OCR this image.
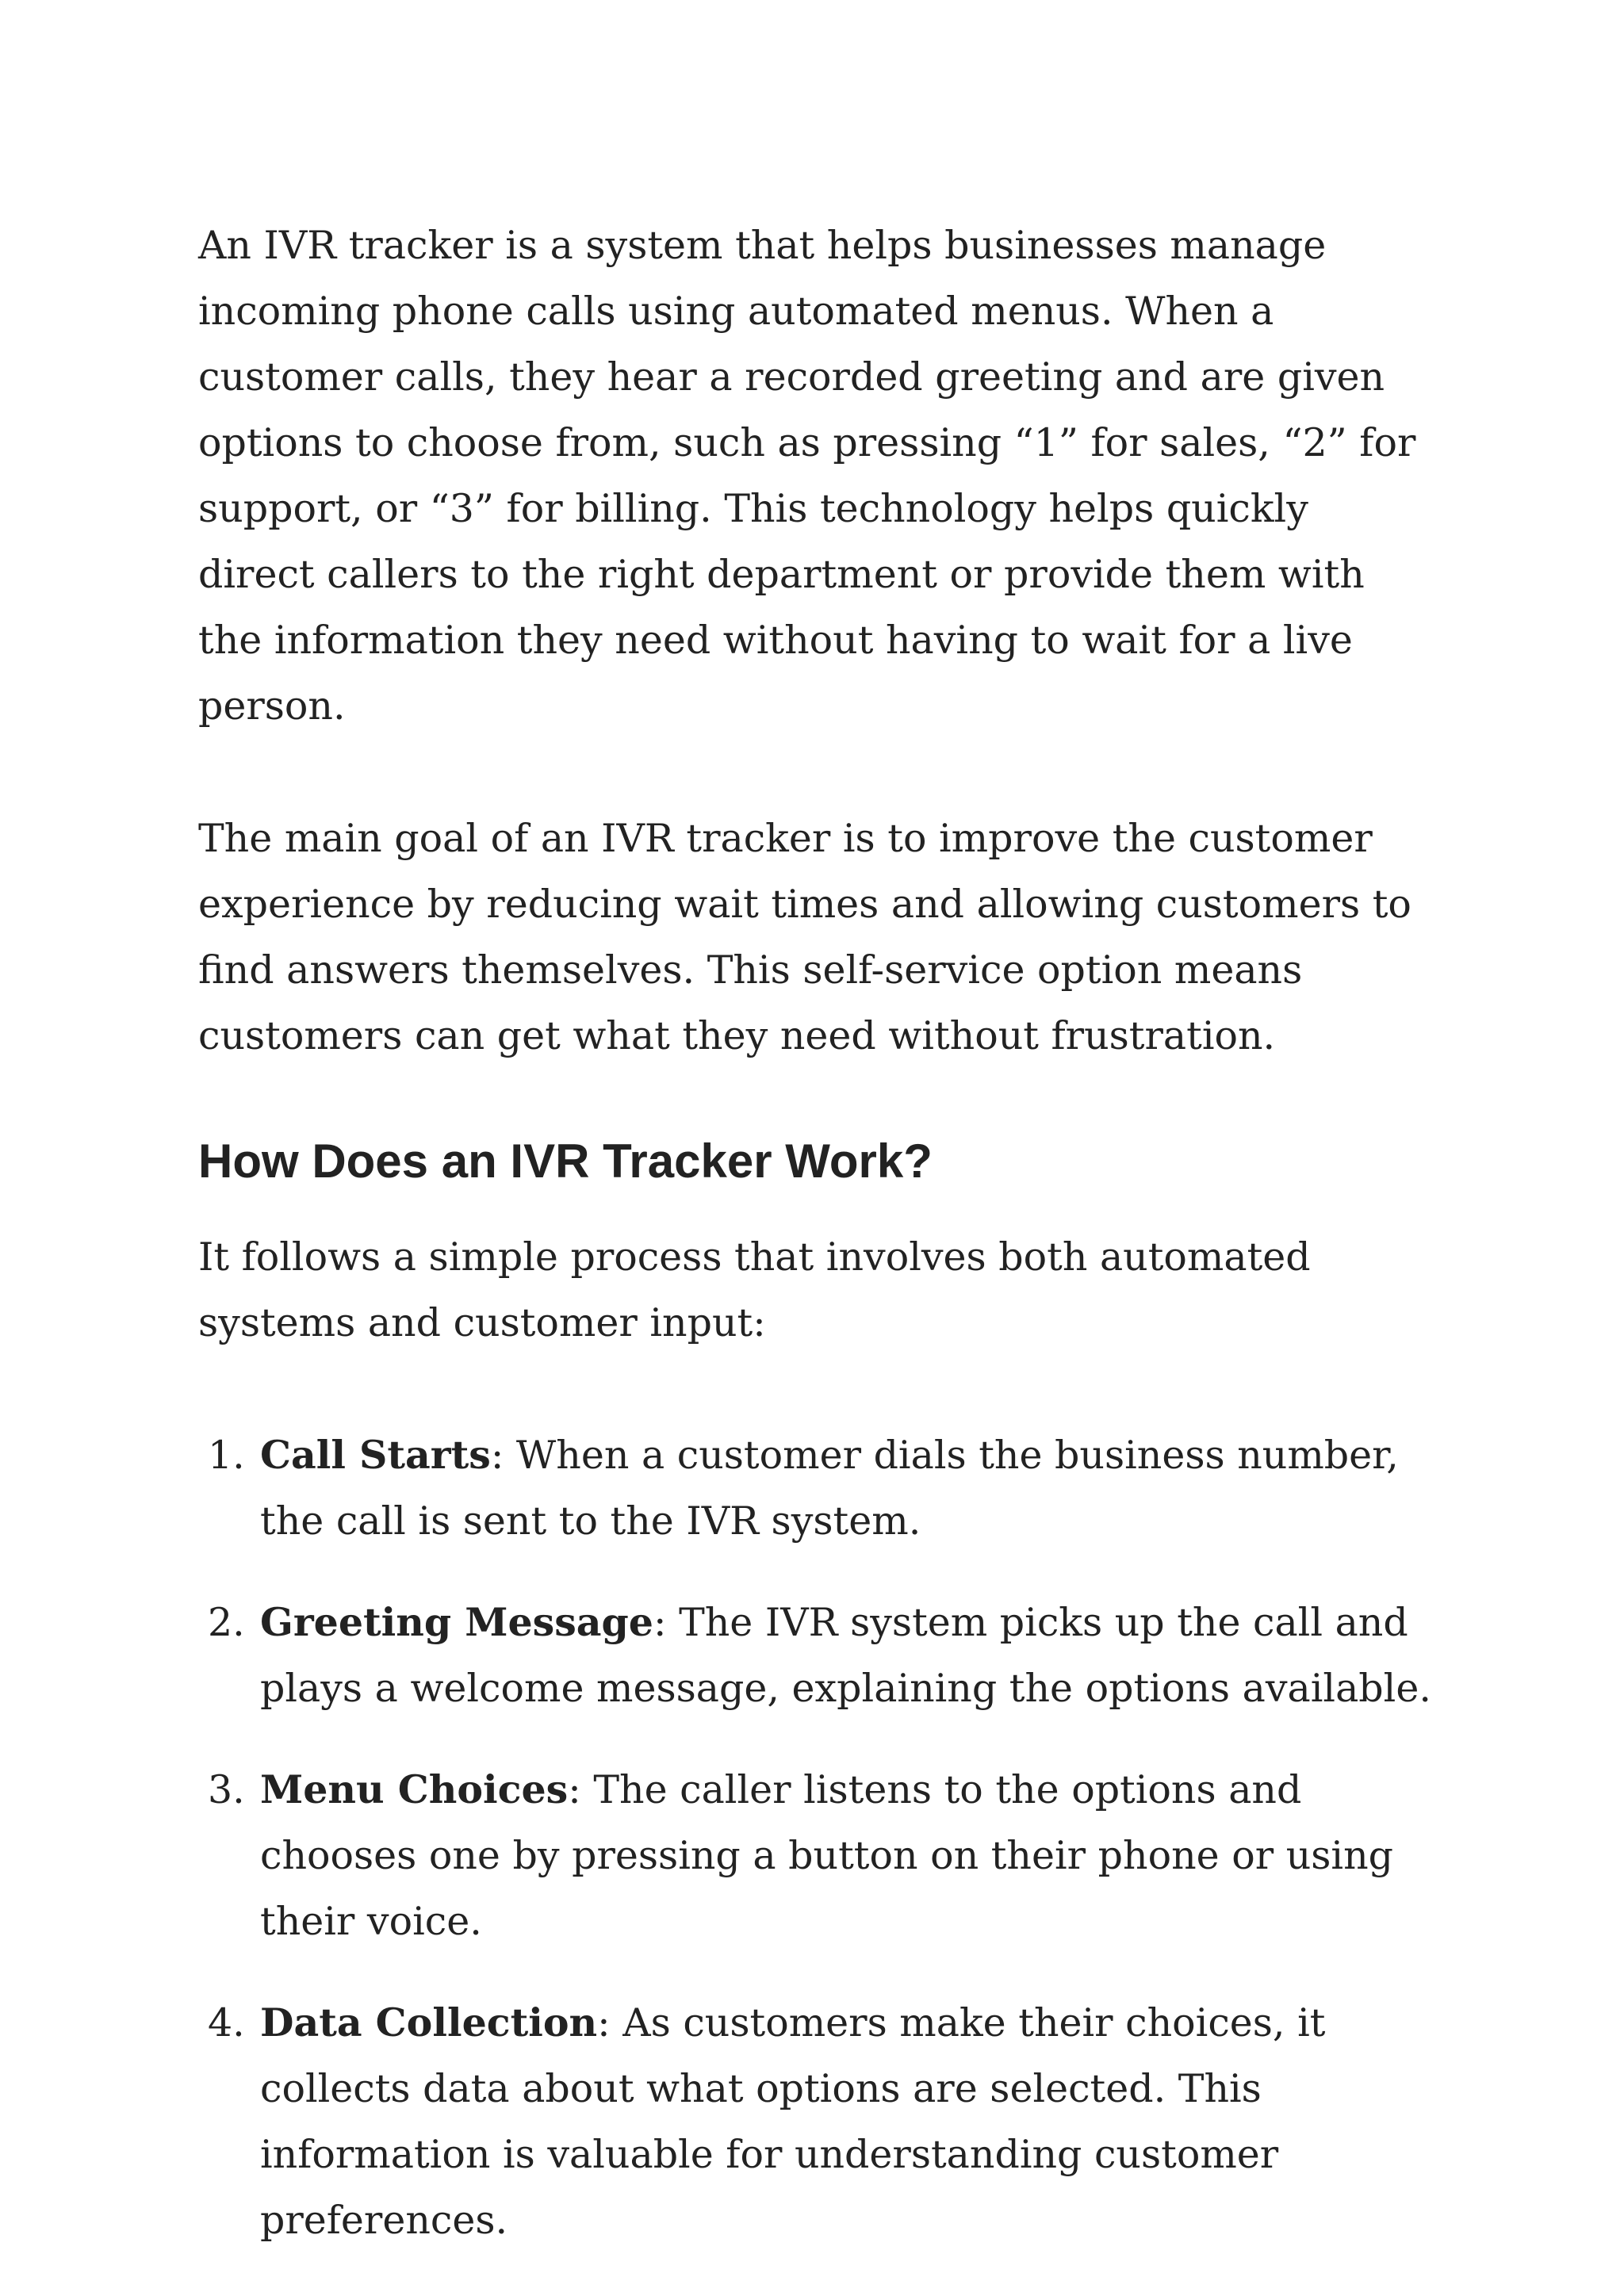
An IVR tracker is a system that helps businesses manage incoming phone calls using automated menus. When a customer calls, they hear a recorded greeting and are given options to choose from, such as pressing “1” for sales, “2” for support, or “3” for billing. This technology helps quickly direct callers to the right department or provide them with the information they need without having to wait for a live person.

The main goal of an IVR tracker is to improve the customer experience by reducing wait times and allowing customers to find answers themselves. This self-service option means customers can get what they need without frustration.

How Does an IVR Tracker Work?

It follows a simple process that involves both automated systems and customer input:

1. Call Starts: When a customer dials the business number, the call is sent to the IVR system.
2. Greeting Message: The IVR system picks up the call and plays a welcome message, explaining the options available.
3. Menu Choices: The caller listens to the options and chooses one by pressing a button on their phone or using their voice.
4. Data Collection: As customers make their choices, it collects data about what options are selected. This information is valuable for understanding customer preferences.
